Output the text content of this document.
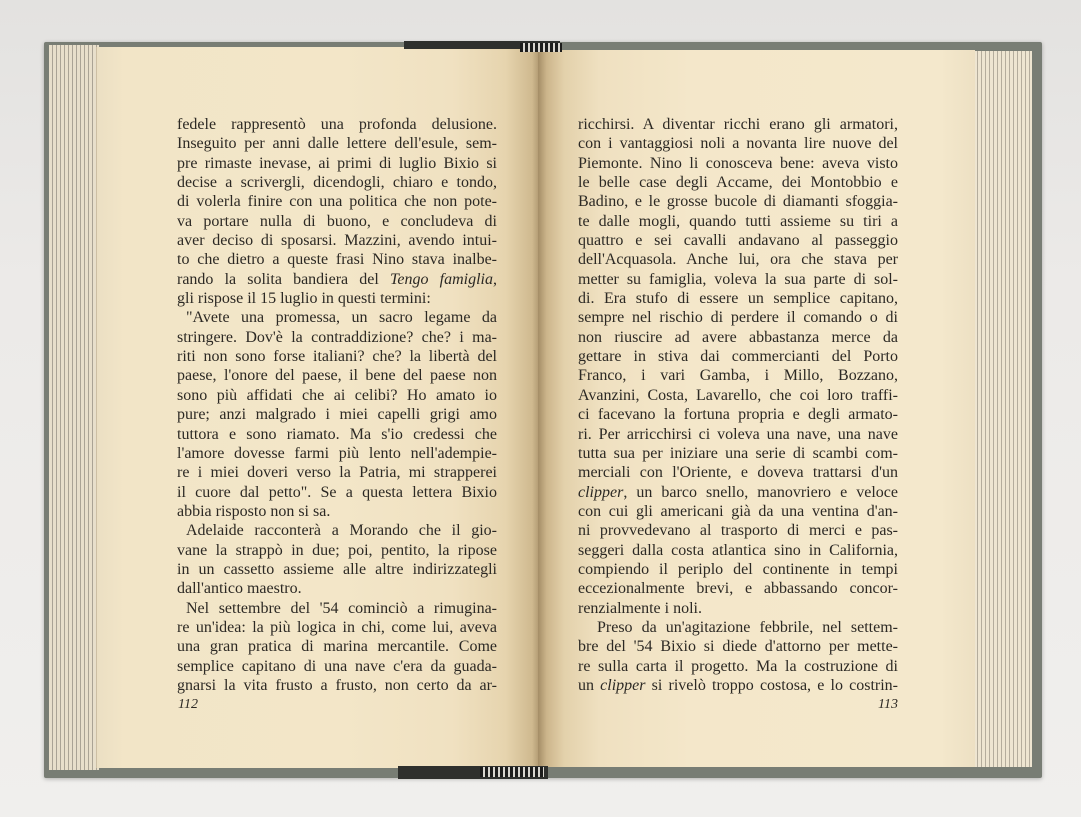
fedele rappresentò una profonda delusione.
Inseguito per anni dalle lettere dell'esule, sem-
pre rimaste inevase, ai primi di luglio Bixio si
decise a scrivergli, dicendogli, chiaro e tondo,
di volerla finire con una politica che non pote-
va portare nulla di buono, e concludeva di
aver deciso di sposarsi. Mazzini, avendo intui-
to che dietro a queste frasi Nino stava inalbe-
rando la solita bandiera del Tengo famiglia,
gli rispose il 15 luglio in questi termini:
"Avete una promessa, un sacro legame da
stringere. Dov'è la contraddizione? che? i ma-
riti non sono forse italiani? che? la libertà del
paese, l'onore del paese, il bene del paese non
sono più affidati che ai celibi? Ho amato io
pure; anzi malgrado i miei capelli grigi amo
tuttora e sono riamato. Ma s'io credessi che
l'amore dovesse farmi più lento nell'adempie-
re i miei doveri verso la Patria, mi strapperei
il cuore dal petto". Se a questa lettera Bixio
abbia risposto non si sa.
Adelaide racconterà a Morando che il gio-
vane la strappò in due; poi, pentito, la ripose
in un cassetto assieme alle altre indirizzategli
dall'antico maestro.
Nel settembre del '54 cominciò a rimugina-
re un'idea: la più logica in chi, come lui, aveva
una gran pratica di marina mercantile. Come
semplice capitano di una nave c'era da guada-
gnarsi la vita frusto a frusto, non certo da ar-
112
ricchirsi. A diventar ricchi erano gli armatori,
con i vantaggiosi noli a novanta lire nuove del
Piemonte. Nino li conosceva bene: aveva visto
le belle case degli Accame, dei Montobbio e
Badino, e le grosse bucole di diamanti sfoggia-
te dalle mogli, quando tutti assieme su tiri a
quattro e sei cavalli andavano al passeggio
dell'Acquasola. Anche lui, ora che stava per
metter su famiglia, voleva la sua parte di sol-
di. Era stufo di essere un semplice capitano,
sempre nel rischio di perdere il comando o di
non riuscire ad avere abbastanza merce da
gettare in stiva dai commercianti del Porto
Franco, i vari Gamba, i Millo, Bozzano,
Avanzini, Costa, Lavarello, che coi loro traffi-
ci facevano la fortuna propria e degli armato-
ri. Per arricchirsi ci voleva una nave, una nave
tutta sua per iniziare una serie di scambi com-
merciali con l'Oriente, e doveva trattarsi d'un
clipper, un barco snello, manovriero e veloce
con cui gli americani già da una ventina d'an-
ni provvedevano al trasporto di merci e pas-
seggeri dalla costa atlantica sino in California,
compiendo il periplo del continente in tempi
eccezionalmente brevi, e abbassando concor-
renzialmente i noli.
Preso da un'agitazione febbrile, nel settem-
bre del '54 Bixio si diede d'attorno per mette-
re sulla carta il progetto. Ma la costruzione di
un clipper si rivelò troppo costosa, e lo costrin-
113
